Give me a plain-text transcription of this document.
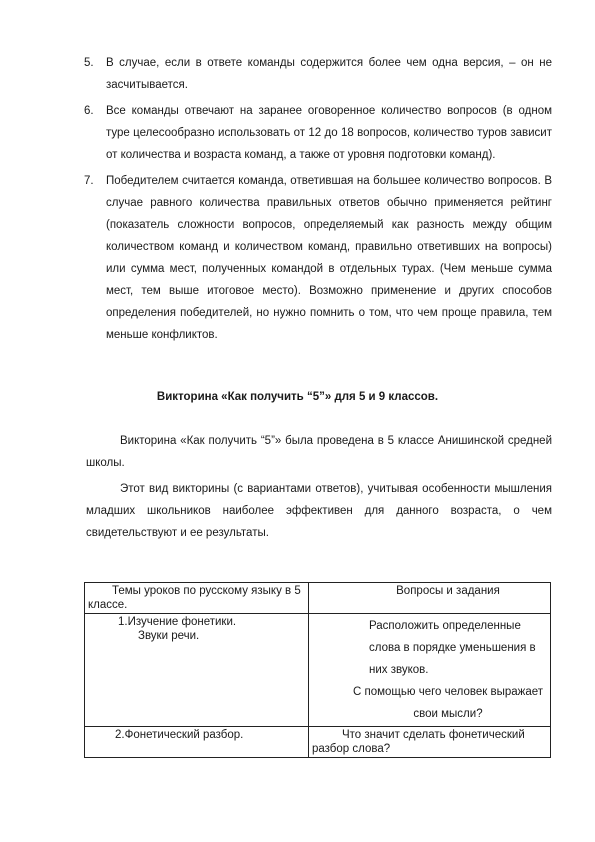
5. В случае, если в ответе команды содержится более чем одна версия, – он не засчитывается.

6. Все команды отвечают на заранее оговоренное количество вопросов (в одном туре целесообразно использовать от 12 до 18 вопросов, количество туров зависит от количества и возраста команд, а также от уровня подготовки команд).

7. Победителем считается команда, ответившая на большее количество вопросов. В случае равного количества правильных ответов обычно применяется рейтинг (показатель сложности вопросов, определяемый как разность между общим количеством команд и количеством команд, правильно ответивших на вопросы) или сумма мест, полученных командой в отдельных турах. (Чем меньше сумма мест, тем выше итоговое место). Возможно применение и других способов определения победителей, но нужно помнить о том, что чем проще правила, тем меньше конфликтов.

Викторина «Как получить “5”» для 5 и 9 классов.

Викторина «Как получить “5”» была проведена в 5 классе Анишинской средней школы.

Этот вид викторины (с вариантами ответов), учитывая особенности мышления младших школьников наиболее эффективен для данного возраста, о чем свидетельствуют и ее результаты.

Темы уроков по русскому языку в 5 классе.	Вопросы и задания

1.Изучение фонетики.
Звуки речи.	Расположить определенные слова в порядке уменьшения в них звуков.
С помощью чего человек выражает свои мысли?

2.Фонетический разбор.	Что значит сделать фонетический
разбор слова?
